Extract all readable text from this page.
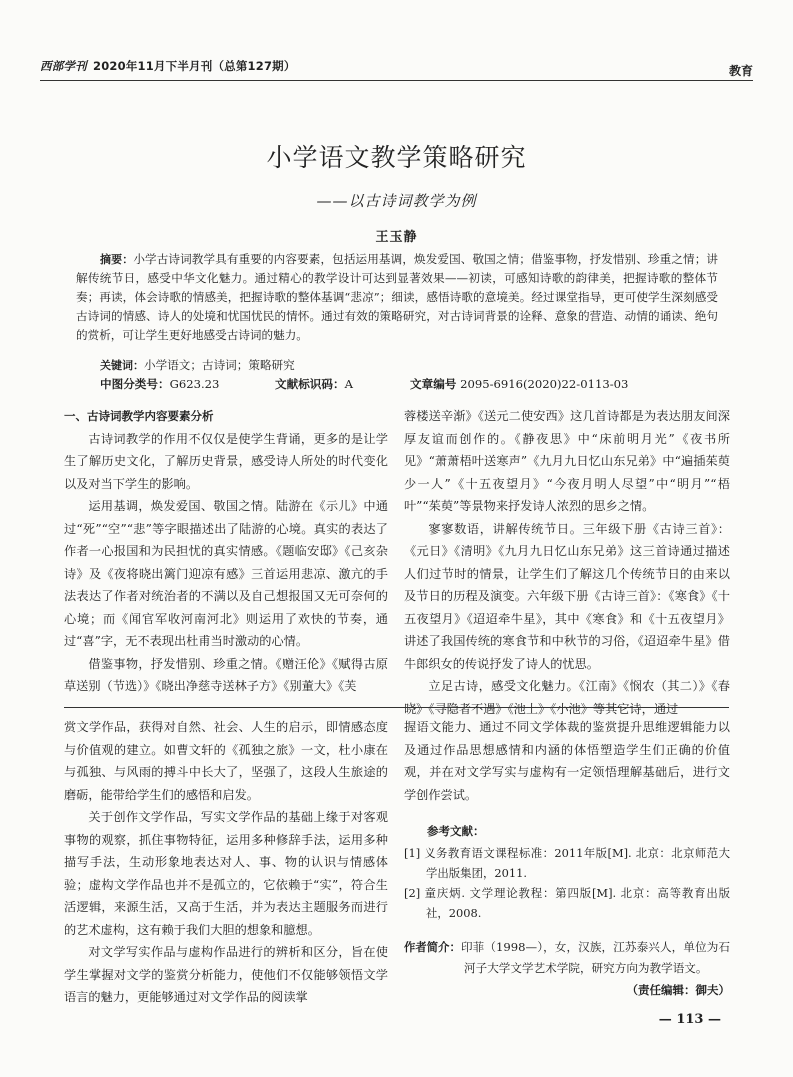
西部学刊 2020年11月下半月刊（总第127期）	教育
小学语文教学策略研究
——以古诗词教学为例
王玉静
摘要：小学古诗词教学具有重要的内容要素，包括运用基调，焕发爱国、敬国之情；借鉴事物，抒发惜别、珍重之情；讲解传统节日，感受中华文化魅力。通过精心的教学设计可达到显著效果——初读，可感知诗歌的韵律美，把握诗歌的整体节奏；再读，体会诗歌的情感美，把握诗歌的整体基调“悲凉”；细读，感悟诗歌的意境美。经过课堂指导，更可使学生深刻感受古诗词的情感、诗人的处境和忧国忧民的情怀。通过有效的策略研究，对古诗词背景的诠释、意象的营造、动情的诵读、绝句的赏析，可让学生更好地感受古诗词的魅力。
关键词：小学语文；古诗词；策略研究
中图分类号：G623.23	文献标识码：A	文章编号 2095-6916(2020)22-0113-03

一、古诗词教学内容要素分析

古诗词教学的作用不仅仅是使学生背诵，更多的是让学生了解历史文化，了解历史背景，感受诗人所处的时代变化以及对当下学生的影响。

运用基调，焕发爱国、敬国之情。陆游在《示儿》中通过“死”“空”“悲”等字眼描述出了陆游的心境。真实的表达了作者一心报国和为民担忧的真实情感。《题临安邸》《己亥杂诗》及《夜将晓出篱门迎凉有感》三首运用悲凉、激亢的手法表达了作者对统治者的不满以及自己想报国又无可奈何的心境；而《闻官军收河南河北》则运用了欢快的节奏，通过“喜”字，无不表现出杜甫当时激动的心情。

借鉴事物，抒发惜别、珍重之情。《赠汪伦》《赋得古原草送别（节选）》《晓出净慈寺送林子方》《别董大》《芙

蓉楼送辛渐》《送元二使安西》这几首诗都是为表达朋友间深厚友谊而创作的。《静夜思》中“床前明月光”《夜书所见》“萧萧梧叶送寒声”《九月九日忆山东兄弟》中“遍插茱萸少一人”《十五夜望月》“今夜月明人尽望”中“明月”“梧叶”“茱萸”等景物来抒发诗人浓烈的思乡之情。

寥寥数语，讲解传统节日。三年级下册《古诗三首》：《元日》《清明》《九月九日忆山东兄弟》这三首诗通过描述人们过节时的情景，让学生们了解这几个传统节日的由来以及节日的历程及演变。六年级下册《古诗三首》：《寒食》《十五夜望月》《迢迢牵牛星》，其中《寒食》和《十五夜望月》讲述了我国传统的寒食节和中秋节的习俗，《迢迢牵牛星》借牛郎织女的传说抒发了诗人的忧思。

立足古诗，感受文化魅力。《江南》《悯农（其二）》《春晓》《寻隐者不遇》《池上》《小池》等其它诗，通过

赏文学作品，获得对自然、社会、人生的启示，即情感态度与价值观的建立。如曹文轩的《孤独之旅》一文，杜小康在与孤独、与风雨的搏斗中长大了，坚强了，这段人生旅途的磨砺，能带给学生们的感悟和启发。

关于创作文学作品，写实文学作品的基础上缘于对客观事物的观察，抓住事物特征，运用多种修辞手法，运用多种描写手法，生动形象地表达对人、事、物的认识与情感体验；虚构文学作品也并不是孤立的，它依赖于“实”，符合生活逻辑，来源生活，又高于生活，并为表达主题服务而进行的艺术虚构，这有赖于我们大胆的想象和臆想。

对文学写实作品与虚构作品进行的辨析和区分，旨在使学生掌握对文学的鉴赏分析能力，使他们不仅能够领悟文学语言的魅力，更能够通过对文学作品的阅读掌

握语文能力、通过不同文学体裁的鉴赏提升思维逻辑能力以及通过作品思想感情和内涵的体悟塑造学生们正确的价值观，并在对文学写实与虚构有一定领悟理解基础后，进行文学创作尝试。

参考文献：

[1] 义务教育语文课程标准：2011年版[M]. 北京：北京师范大学出版集团，2011.

[2] 童庆炳. 文学理论教程：第四版[M]. 北京：高等教育出版社，2008.

作者简介：印菲（1998—），女，汉族，江苏泰兴人，单位为石河子大学文学艺术学院，研究方向为教学语文。

（责任编辑：御夫）

— 113 —
